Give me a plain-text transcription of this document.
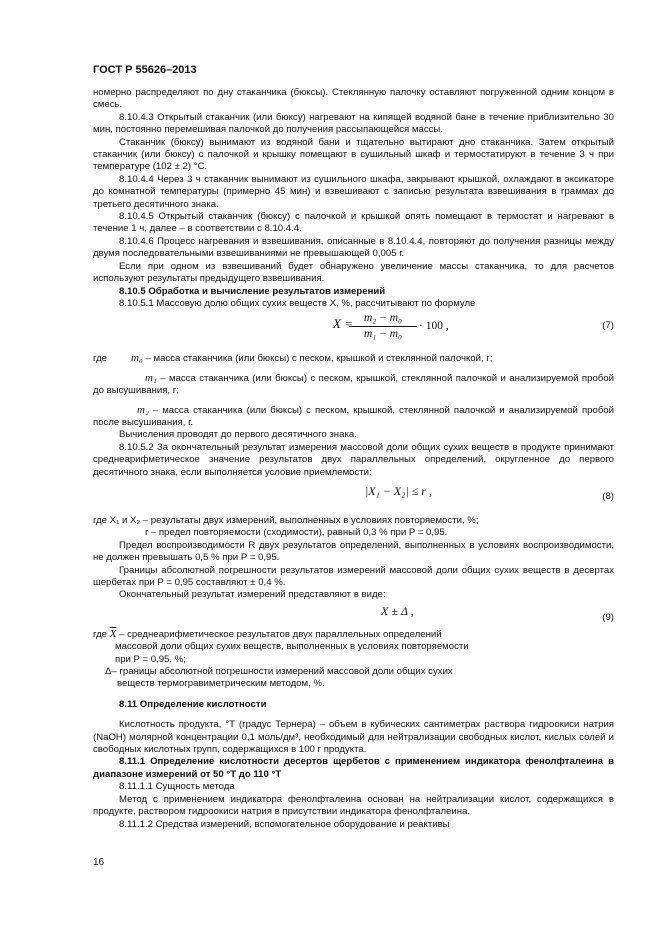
ГОСТ Р 55626–2013

номерно распределяют по дну стаканчика (бюксы). Стеклянную палочку оставляют погруженной одним концом в смесь.

8.10.4.3 Открытый стаканчик (или бюксу) нагревают на кипящей водяной бане в течение приблизительно 30 мин, постоянно перемешивая палочкой до получения рассыпающейся массы.

Стаканчик (бюксу) вынимают из водяной бани и тщательно вытирают дно стаканчика. Затем открытый стаканчик (или бюксу) с палочкой и крышку помещают в сушильный шкаф и термостатируют в течение 3 ч при температуре (102 ± 2) °C.

8.10.4.4 Через 3 ч стаканчик вынимают из сушильного шкафа, закрывают крышкой, охлаждают в эксикаторе до комнатной температуры (примерно 45 мин) и взвешивают с записью результата взвешивания в граммах до третьего десятичного знака.

8.10.4.5 Открытый стаканчик (бюксу) с палочкой и крышкой опять помещают в термостат и нагревают в течение 1 ч, далее – в соответствии с 8.10.4.4.

8.10.4.6 Процесс нагревания и взвешивания, описанные в 8.10.4.4, повторяют до получения разницы между двумя последовательными взвешиваниями не превышающей 0,005 г.

Если при одном из взвешиваний будет обнаружено увеличение массы стаканчика, то для расчетов используют результаты предыдущего взвешивания.

8.10.5 Обработка и вычисление результатов измерений

8.10.5.1 Массовую долю общих сухих веществ X, %, рассчитывают по формуле

X =
$\frac{\text{m₂ − m₀}}{\text{m₁ − m₀}} \cdot 100$ ,	(7)

где m₀ – масса стаканчика (или бюксы) с песком, крышкой и стеклянной палочкой, г;

m₁ – масса стаканчика (или бюксы) с песком, крышкой, стеклянной палочкой и анализируемой пробой до высушивания, г;

m₂ – масса стаканчика (или бюксы) с песком, крышкой, стеклянной палочкой и анализируемой пробой после высушивания, г.

Вычисления проводят до первого десятичного знака.

8.10.5.2 За окончательный результат измерения массовой доли общих сухих веществ в продукте принимают среднеарифметическое значение результатов двух параллельных определений, округленное до первого десятичного знака, если выполняется условие приемлемости:

|X₁ − X₂| ≤ r ,	(8)

где X₁ и X₂ – результаты двух измерений, выполненных в условиях повторяемости, %;

r – предел повторяемости (сходимости), равный 0,3 % при P = 0,95.

Предел воспроизводимости R двух результатов определений, выполненных в условиях воспроизводимости, не должен превышать 0,5 % при P = 0,95.

Границы абсолютной погрешности результатов измерений массовой доли общих сухих веществ в десертах шербетах при P = 0,95 составляют ± 0,4 %.

Окончательный результат измерений представляют в виде:

X ± Δ ,	(9)

где $\overline{X}$ – среднеарифметическое результатов двух параллельных определений массовой доли общих сухих веществ, выполненных в условиях повторяемости при P = 0,95, %;

Δ– границы абсолютной погрешности измерений массовой доли общих сухих веществ термогравиметрическим методом, %.

8.11 Определение кислотности

Кислотность продукта, °Т (градус Тернера) – объем в кубических сантиметрах раствора гидроокиси натрия (NaOH) молярной концентрации 0,1 моль/дм³, необходимый для нейтрализации свободных кислот, кислых солей и свободных кислотных групп, содержащихся в 100 г продукта.

8.11.1 Определение кислотности десертов щербетов с применением индикатора фенолфталеина в диапазоне измерений от 50 °Т до 110 °Т

8.11.1.1 Сущность метода

Метод с применением индикатора фенолфталеина основан на нейтрализации кислот, содержащихся в продукте, раствором гидроокиси натрия в присутствии индикатора фенолфталеина.

8.11.1.2 Средства измерений, вспомогательное оборудование и реактивы

16
